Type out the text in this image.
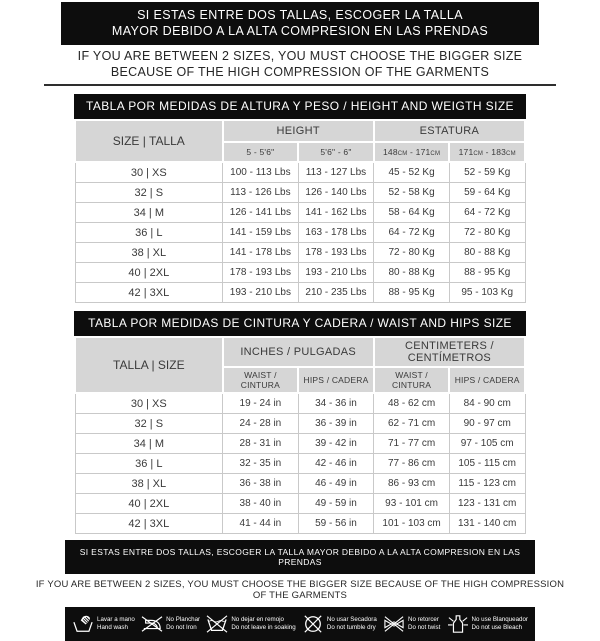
SI ESTAS ENTRE DOS TALLAS, ESCOGER LA TALLA
MAYOR DEBIDO A LA ALTA COMPRESION EN LAS PRENDAS
IF YOU ARE BETWEEN 2 SIZES, YOU MUST CHOOSE THE BIGGER SIZE
BECAUSE OF THE HIGH COMPRESSION OF THE GARMENTS
TABLA POR MEDIDAS DE ALTURA Y PESO / HEIGHT AND WEIGTH SIZE
SIZE | TALLA	HEIGHT		ESTATURA	
	5 - 5'6"	5'6" - 6"	148cm - 171cm	171cm - 183cm
30 | XS	100 - 113 Lbs	113 - 127 Lbs	45 - 52 Kg	52 - 59 Kg
32 | S	113 - 126 Lbs	126 - 140 Lbs	52 - 58 Kg	59 - 64 Kg
34 | M	126 - 141 Lbs	141 - 162 Lbs	58 - 64 Kg	64 - 72 Kg
36 | L	141 - 159 Lbs	163 - 178 Lbs	64 - 72 Kg	72 - 80 Kg
38 | XL	141 - 178 Lbs	178 - 193 Lbs	72 - 80 Kg	80 - 88 Kg
40 | 2XL	178 - 193 Lbs	193 - 210 Lbs	80 - 88 Kg	88 - 95 Kg
42 | 3XL	193 - 210 Lbs	210 - 235 Lbs	88 - 95 Kg	95 - 103 Kg
TABLA POR MEDIDAS DE CINTURA Y CADERA / WAIST AND HIPS SIZE
TALLA | SIZE	INCHES / PULGADAS		CENTIMETERS / CENTÍMETROS	
	WAIST / CINTURA	HIPS / CADERA	WAIST / CINTURA	HIPS / CADERA
30 | XS	19 - 24 in	34 - 36 in	48 - 62 cm	84 - 90 cm
32 | S	24 - 28 in	36 - 39 in	62 - 71 cm	90 - 97 cm
34 | M	28 - 31 in	39 - 42 in	71 - 77 cm	97 - 105 cm
36 | L	32 - 35 in	42 - 46 in	77 - 86 cm	105 - 115 cm
38 | XL	36 - 38 in	46 - 49 in	86 - 93 cm	115 - 123 cm
40 | 2XL	38 - 40 in	49 - 59 in	93 - 101 cm	123 - 131 cm
42 | 3XL	41 - 44 in	59 - 56 in	101 - 103 cm	131 - 140 cm
SI ESTAS ENTRE DOS TALLAS, ESCOGER LA TALLA MAYOR DEBIDO A LA ALTA COMPRESION EN LAS PRENDAS
IF YOU ARE BETWEEN 2 SIZES, YOU MUST CHOOSE THE BIGGER SIZE BECAUSE OF THE HIGH COMPRESSION OF THE GARMENTS
Lavar a mano
Hand wash
No Planchar
Do not Iron
No dejar en remojo
Do not leave in soaking
No usar Secadora
Do not tumble dry
No retorcer
Do not twist
No use Blanqueador
Do not use Bleach
